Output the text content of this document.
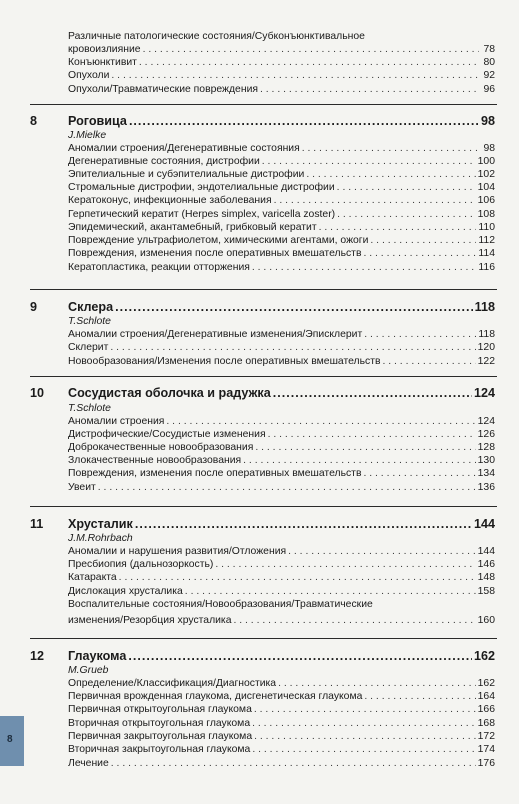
Различные патологические состояния/Субконъюнктивальное
кровоизлияние . . .	78
Конъюнктивит . . .	80
Опухоли . . .	92
Опухоли/Травматические повреждения . . .	96
8	Роговица .....	98
J.Mielke
Аномалии строения/Дегенеративные состояния . . .	98
Дегенеративные состояния, дистрофии . . .	100
Эпителиальные и субэпителиальные дистрофии . . .	102
Стромальные дистрофии, эндотелиальные дистрофии . . .	104
Кератоконус, инфекционные заболевания . . .	106
Герпетический кератит (Herpes simplex, varicella zoster) . . .	108
Эпидемический, акантамебный, грибковый кератит . . .	110
Повреждение ультрафиолетом, химическими агентами, ожоги . . .	112
Повреждения, изменения после оперативных вмешательств . . .	114
Кератопластика, реакции отторжения . . .	116
9	Склера .....	118
T.Schlote
Аномалии строения/Дегенеративные изменения/Эписклерит . . .	118
Склерит . . .	120
Новообразования/Изменения после оперативных вмешательств . . .	122
10	Сосудистая оболочка и радужка .....	124
T.Schlote
Аномалии строения . . .	124
Дистрофические/Сосудистые изменения . . .	126
Доброкачественные новообразования . . .	128
Злокачественные новообразования . . .	130
Повреждения, изменения после оперативных вмешательств . . .	134
Увеит . . .	136
11	Хрусталик .....	144
J.M.Rohrbach
Аномалии и нарушения развития/Отложения . . .	144
Пресбиопия (дальнозоркость) . . .	146
Катаракта . . .	148
Дислокация хрусталика . . .	158
Воспалительные состояния/Новообразования/Травматические
изменения/Резорбция хрусталика . . .	160
12	Глаукома .....	162
M.Grueb
Определение/Классификация/Диагностика . . .	162
Первичная врожденная глаукома, дисгенетическая глаукома . . .	164
Первичная открытоугольная глаукома . . .	166
Вторичная открытоугольная глаукома . . .	168
Первичная закрытоугольная глаукома . . .	172
Вторичная закрытоугольная глаукома . . .	174
Лечение . . .	176
8
